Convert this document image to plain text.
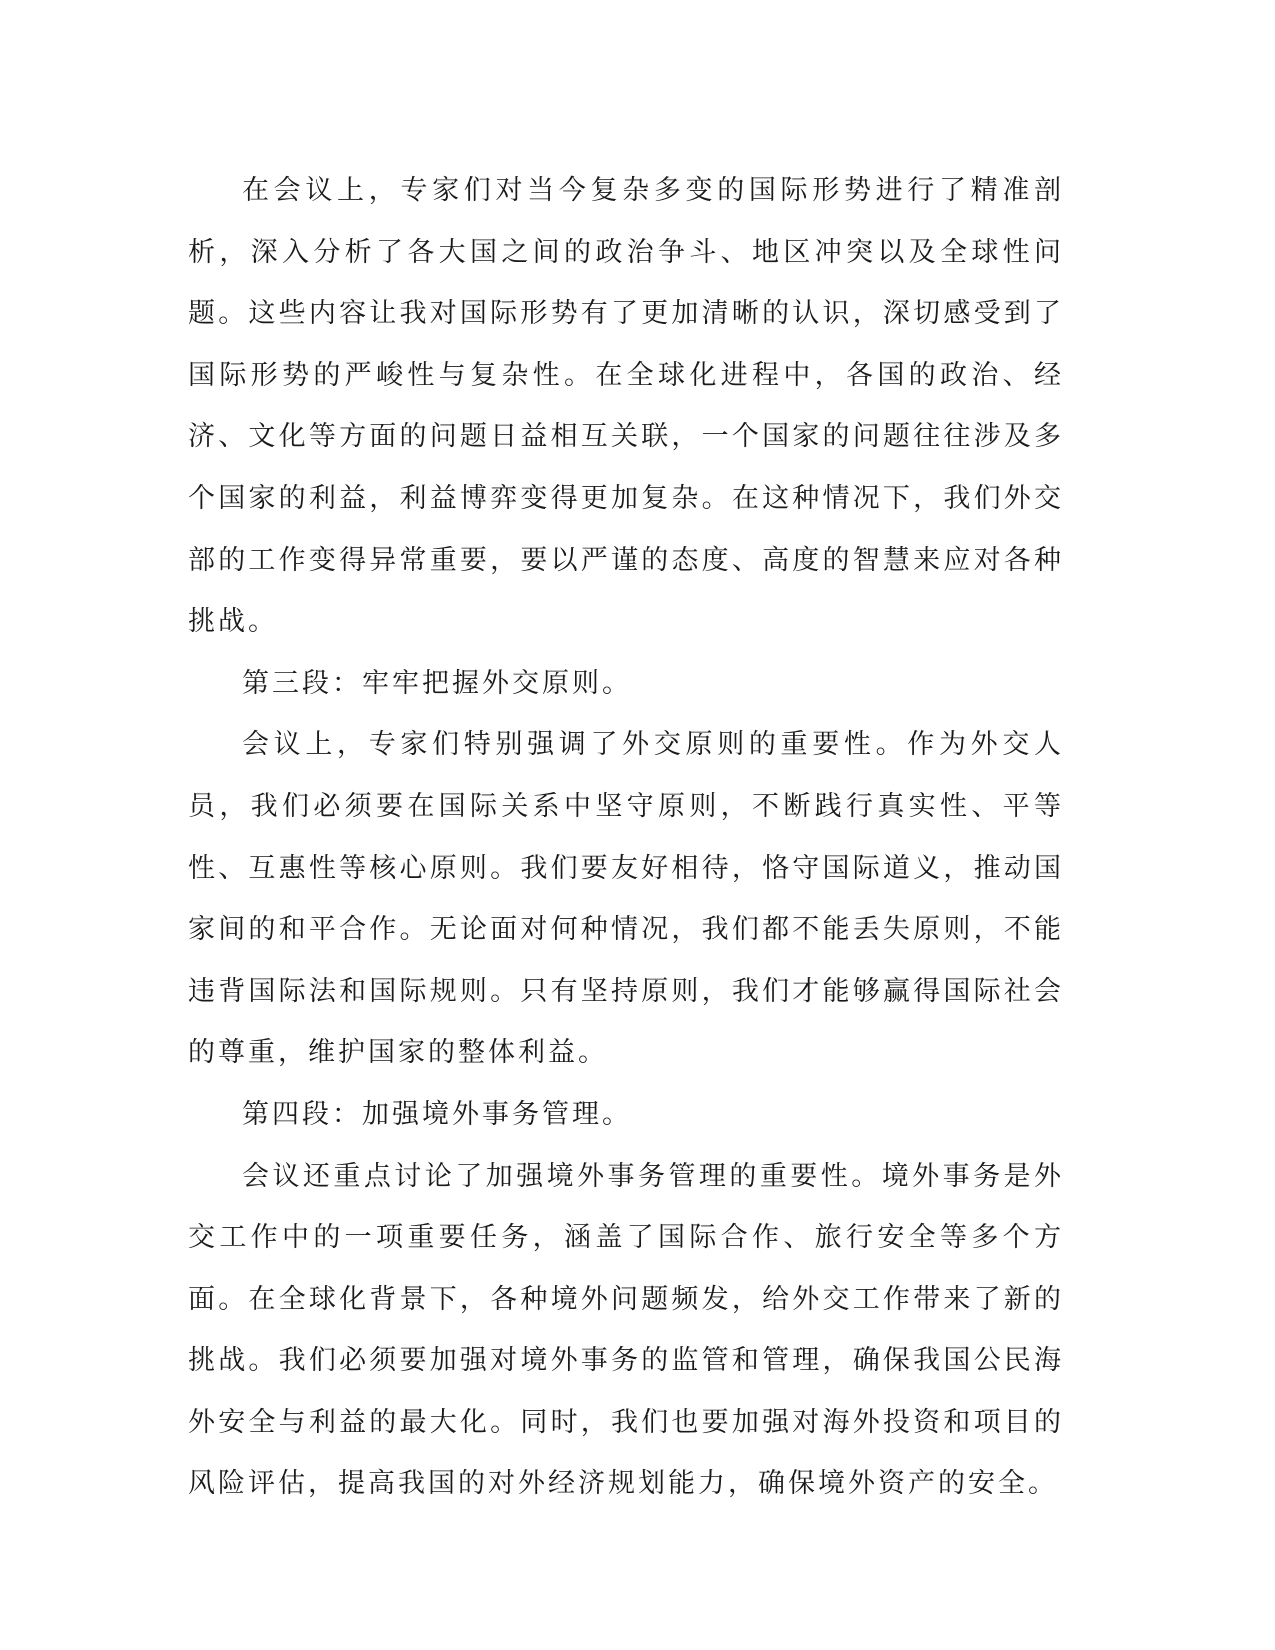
在会议上，专家们对当今复杂多变的国际形势进行了精准剖析，深入分析了各大国之间的政治争斗、地区冲突以及全球性问题。这些内容让我对国际形势有了更加清晰的认识，深切感受到了国际形势的严峻性与复杂性。在全球化进程中，各国的政治、经济、文化等方面的问题日益相互关联，一个国家的问题往往涉及多个国家的利益，利益博弈变得更加复杂。在这种情况下，我们外交部的工作变得异常重要，要以严谨的态度、高度的智慧来应对各种挑战。

第三段：牢牢把握外交原则。

会议上，专家们特别强调了外交原则的重要性。作为外交人员，我们必须要在国际关系中坚守原则，不断践行真实性、平等性、互惠性等核心原则。我们要友好相待，恪守国际道义，推动国家间的和平合作。无论面对何种情况，我们都不能丢失原则，不能违背国际法和国际规则。只有坚持原则，我们才能够赢得国际社会的尊重，维护国家的整体利益。

第四段：加强境外事务管理。

会议还重点讨论了加强境外事务管理的重要性。境外事务是外交工作中的一项重要任务，涵盖了国际合作、旅行安全等多个方面。在全球化背景下，各种境外问题频发，给外交工作带来了新的挑战。我们必须要加强对境外事务的监管和管理，确保我国公民海外安全与利益的最大化。同时，我们也要加强对海外投资和项目的风险评估，提高我国的对外经济规划能力，确保境外资产的安全。
